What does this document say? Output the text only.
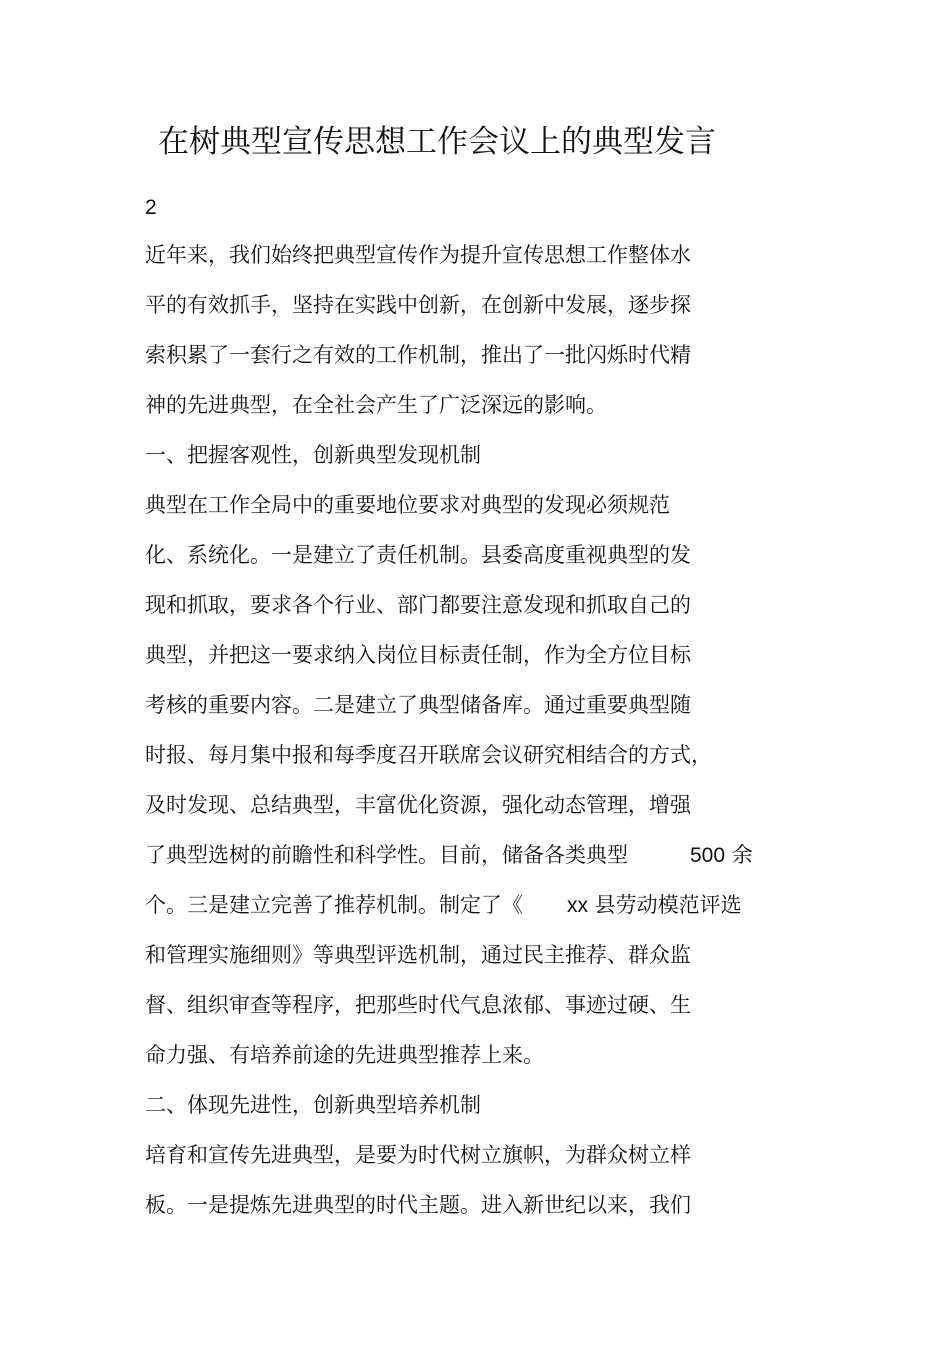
在树典型宣传思想工作会议上的典型发言
2
近年来，我们始终把典型宣传作为提升宣传思想工作整体水
平的有效抓手，坚持在实践中创新，在创新中发展，逐步探
索积累了一套行之有效的工作机制，推出了一批闪烁时代精
神的先进典型，在全社会产生了广泛深远的影响。
一、把握客观性，创新典型发现机制
典型在工作全局中的重要地位要求对典型的发现必须规范
化、系统化。一是建立了责任机制。县委高度重视典型的发
现和抓取，要求各个行业、部门都要注意发现和抓取自己的
典型，并把这一要求纳入岗位目标责任制，作为全方位目标
考核的重要内容。二是建立了典型储备库。通过重要典型随
时报、每月集中报和每季度召开联席会议研究相结合的方式，
及时发现、总结典型，丰富优化资源，强化动态管理，增强
了典型选树的前瞻性和科学性。目前，储备各类典型	500 余
个。三是建立完善了推荐机制。制定了《 xx 县劳动模范评选
和管理实施细则》等典型评选机制，通过民主推荐、群众监
督、组织审查等程序，把那些时代气息浓郁、事迹过硬、生
命力强、有培养前途的先进典型推荐上来。
二、体现先进性，创新典型培养机制
培育和宣传先进典型，是要为时代树立旗帜，为群众树立样
板。一是提炼先进典型的时代主题。进入新世纪以来，我们
